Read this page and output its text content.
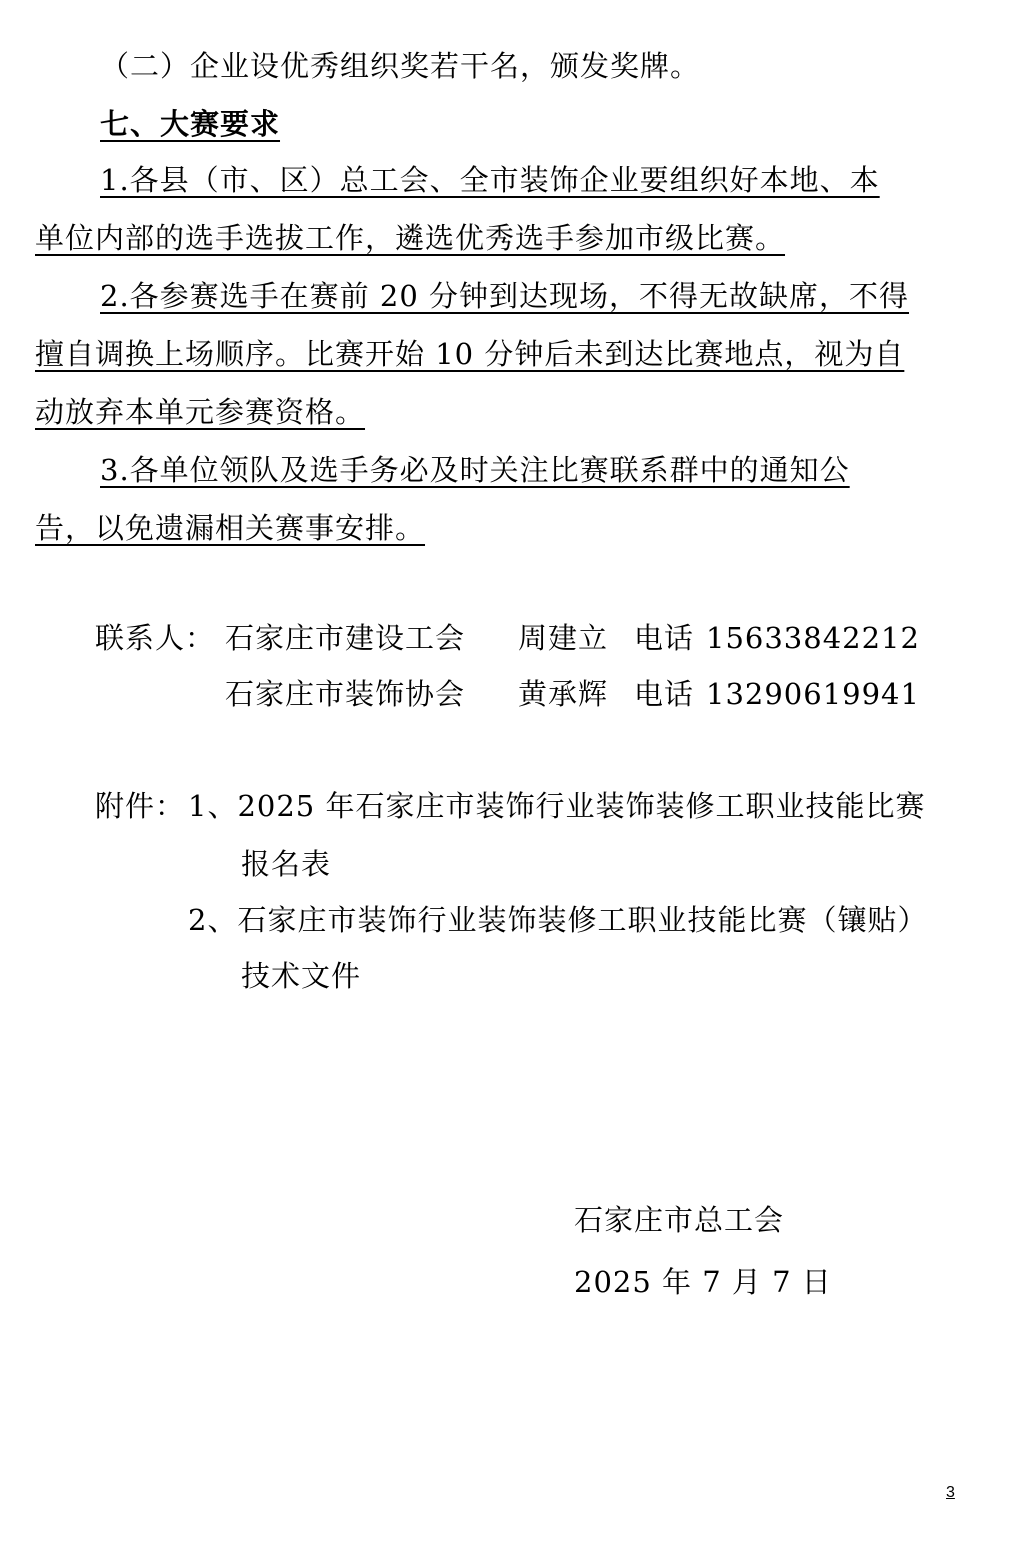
（二）企业设优秀组织奖若干名，颁发奖牌。
七、大赛要求
1.各县（市、区）总工会、全市装饰企业要组织好本地、本
单位内部的选手选拔工作，遴选优秀选手参加市级比赛。
2.各参赛选手在赛前 20 分钟到达现场，不得无故缺席，不得
擅自调换上场顺序。比赛开始 10 分钟后未到达比赛地点，视为自
动放弃本单元参赛资格。
3.各单位领队及选手务必及时关注比赛联系群中的通知公
告，以免遗漏相关赛事安排。
联系人： 石家庄市建设工会 周建立 电话 15633842212
石家庄市装饰协会 黄承辉 电话 13290619941
附件： 1、2025 年石家庄市装饰行业装饰装修工职业技能比赛
报名表
2、石家庄市装饰行业装饰装修工职业技能比赛（镶贴）
技术文件
石家庄市总工会
2025 年 7 月 7 日
3
